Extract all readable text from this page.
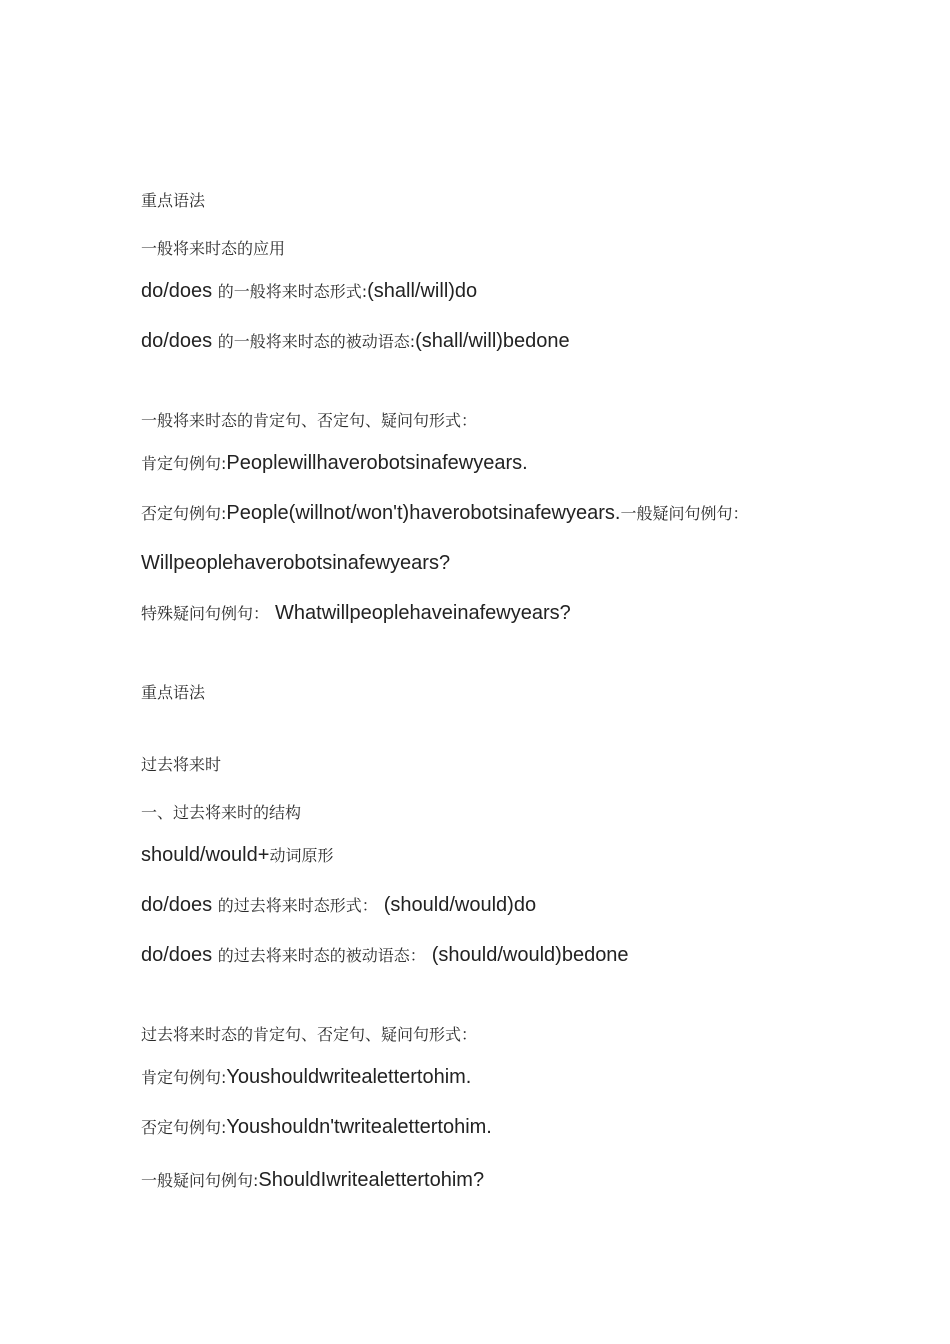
重点语法
一般将来时态的应用
do/does 的一般将来时态形式:(shall/will)do
do/does 的一般将来时态的被动语态:(shall/will)bedone
一般将来时态的肯定句、否定句、疑问句形式：
肯定句例句:Peoplewillhaverobotsinafewyears.
否定句例句:People(willnot/won't)haverobotsinafewyears.一般疑问句例句：
Willpeoplehaverobotsinafewyears?
特殊疑问句例句： Whatwillpeoplehaveinafewyears?
重点语法
过去将来时
一、过去将来时的结构
should/would+动词原形
do/does 的过去将来时态形式： (should/would)do
do/does 的过去将来时态的被动语态： (should/would)bedone
过去将来时态的肯定句、否定句、疑问句形式：
肯定句例句:Youshouldwritealettertohim.
否定句例句:Youshouldn'twritealettertohim.
一般疑问句例句:ShouldIwritealettertohim?
